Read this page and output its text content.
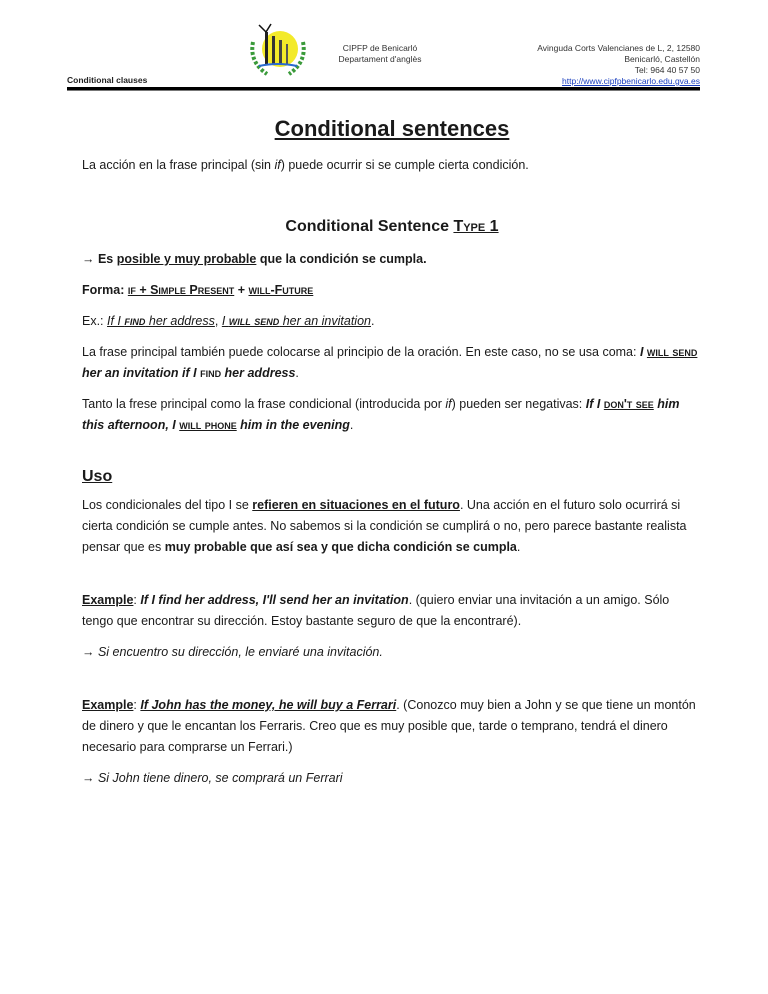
CIPFP de Benicarló
Departament d'anglès
Avinguda Corts Valencianes de L, 2, 12580
Benicarló, Castellón
Tel: 964 40 57 50
http://www.cipfpbenicarlo.edu.gva.es
Conditional clauses
Conditional sentences

La acción en la frase principal (sin if) puede ocurrir si se cumple cierta condición.

Conditional Sentence Type 1

→ Es posible y muy probable que la condición se cumpla.

Forma: if + Simple Present + will-Future

Ex.: If I find her address, I will send her an invitation.

La frase principal también puede colocarse al principio de la oración. En este caso, no se usa coma: I will send her an invitation if I find her address.

Tanto la frese principal como la frase condicional (introducida por if) pueden ser negativas: If I don't see him this afternoon, I will phone him in the evening.

Uso

Los condicionales del tipo I se refieren en situaciones en el futuro. Una acción en el futuro solo ocurrirá si cierta condición se cumple antes. No sabemos si la condición se cumplirá o no, pero parece bastante realista pensar que es muy probable que así sea y que dicha condición se cumpla.

Example: If I find her address, I'll send her an invitation. (quiero enviar una invitación a un amigo. Sólo tengo que encontrar su dirección. Estoy bastante seguro de que la encontraré).

→ Si encuentro su dirección, le enviaré una invitación.

Example: If John has the money, he will buy a Ferrari. (Conozco muy bien a John y se que tiene un montón de dinero y que le encantan los Ferraris. Creo que es muy posible que, tarde o temprano, tendrá el dinero necesario para comprarse un Ferrari.)

→ Si John tiene dinero, se comprará un Ferrari
